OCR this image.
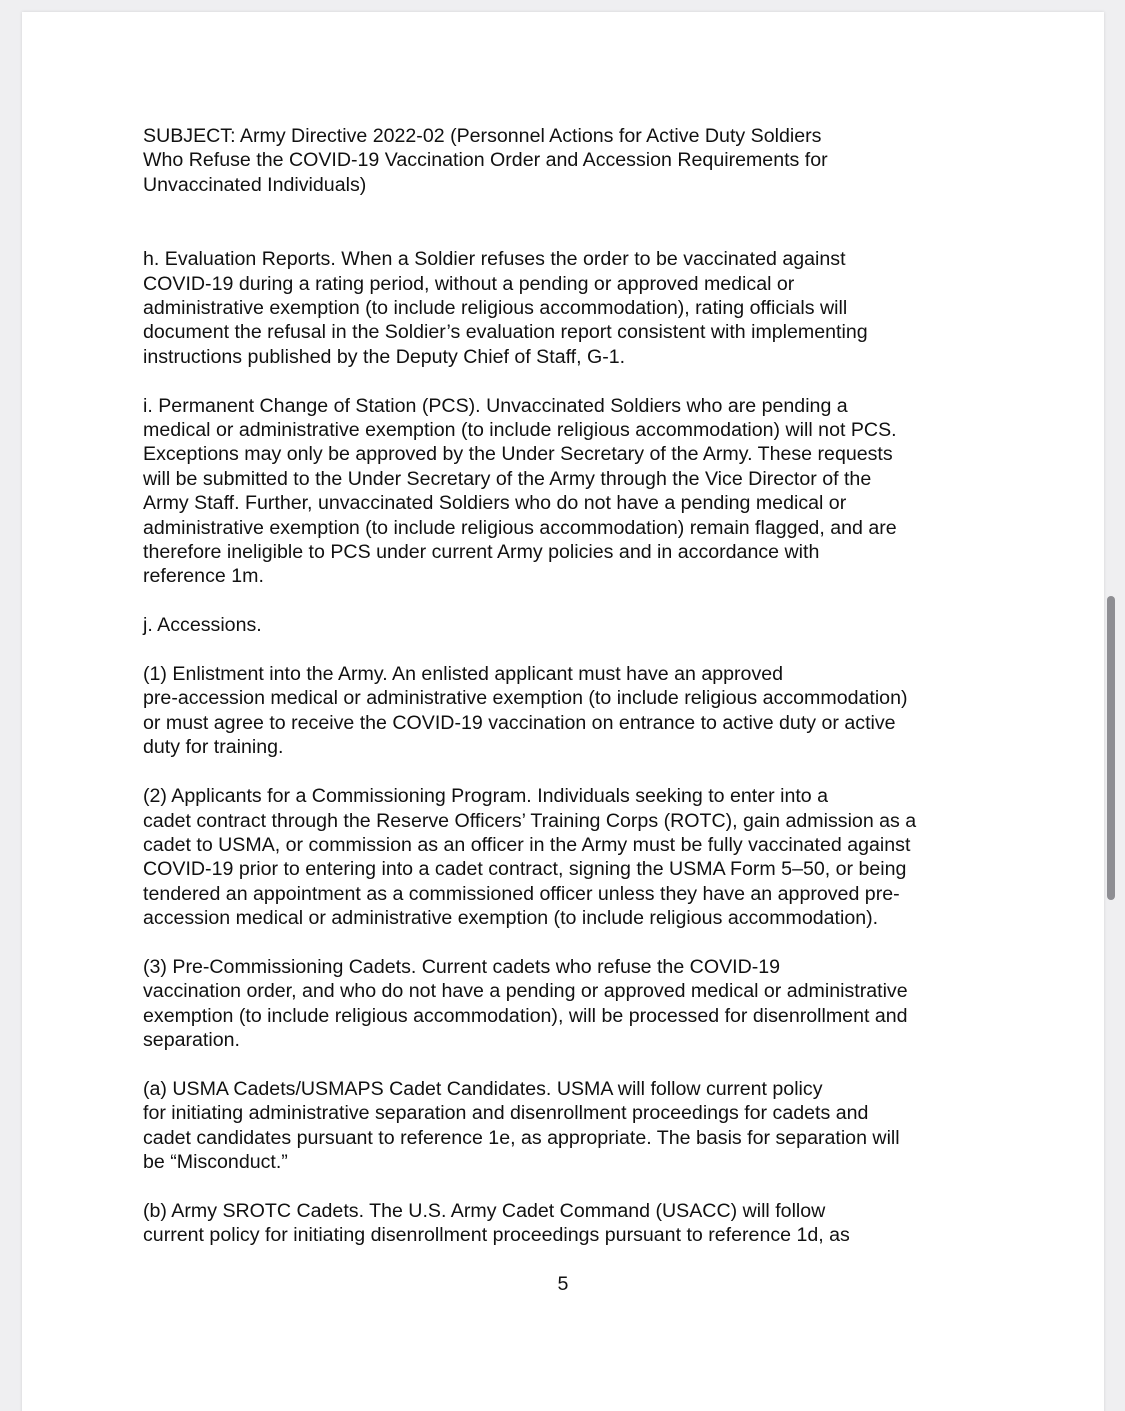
SUBJECT: Army Directive 2022-02 (Personnel Actions for Active Duty Soldiers
Who Refuse the COVID-19 Vaccination Order and Accession Requirements for
Unvaccinated Individuals)

h. Evaluation Reports. When a Soldier refuses the order to be vaccinated against
COVID-19 during a rating period, without a pending or approved medical or
administrative exemption (to include religious accommodation), rating officials will
document the refusal in the Soldier’s evaluation report consistent with implementing
instructions published by the Deputy Chief of Staff, G-1.

i. Permanent Change of Station (PCS). Unvaccinated Soldiers who are pending a
medical or administrative exemption (to include religious accommodation) will not PCS.
Exceptions may only be approved by the Under Secretary of the Army. These requests
will be submitted to the Under Secretary of the Army through the Vice Director of the
Army Staff. Further, unvaccinated Soldiers who do not have a pending medical or
administrative exemption (to include religious accommodation) remain flagged, and are
therefore ineligible to PCS under current Army policies and in accordance with
reference 1m.

j. Accessions.

(1) Enlistment into the Army. An enlisted applicant must have an approved
pre-accession medical or administrative exemption (to include religious accommodation)
or must agree to receive the COVID-19 vaccination on entrance to active duty or active
duty for training.

(2) Applicants for a Commissioning Program. Individuals seeking to enter into a
cadet contract through the Reserve Officers’ Training Corps (ROTC), gain admission as a
cadet to USMA, or commission as an officer in the Army must be fully vaccinated against
COVID-19 prior to entering into a cadet contract, signing the USMA Form 5–50, or being
tendered an appointment as a commissioned officer unless they have an approved pre-
accession medical or administrative exemption (to include religious accommodation).

(3) Pre-Commissioning Cadets. Current cadets who refuse the COVID-19
vaccination order, and who do not have a pending or approved medical or administrative
exemption (to include religious accommodation), will be processed for disenrollment and
separation.

(a) USMA Cadets/USMAPS Cadet Candidates. USMA will follow current policy
for initiating administrative separation and disenrollment proceedings for cadets and
cadet candidates pursuant to reference 1e, as appropriate. The basis for separation will
be “Misconduct.”

(b) Army SROTC Cadets. The U.S. Army Cadet Command (USACC) will follow
current policy for initiating disenrollment proceedings pursuant to reference 1d, as

5
